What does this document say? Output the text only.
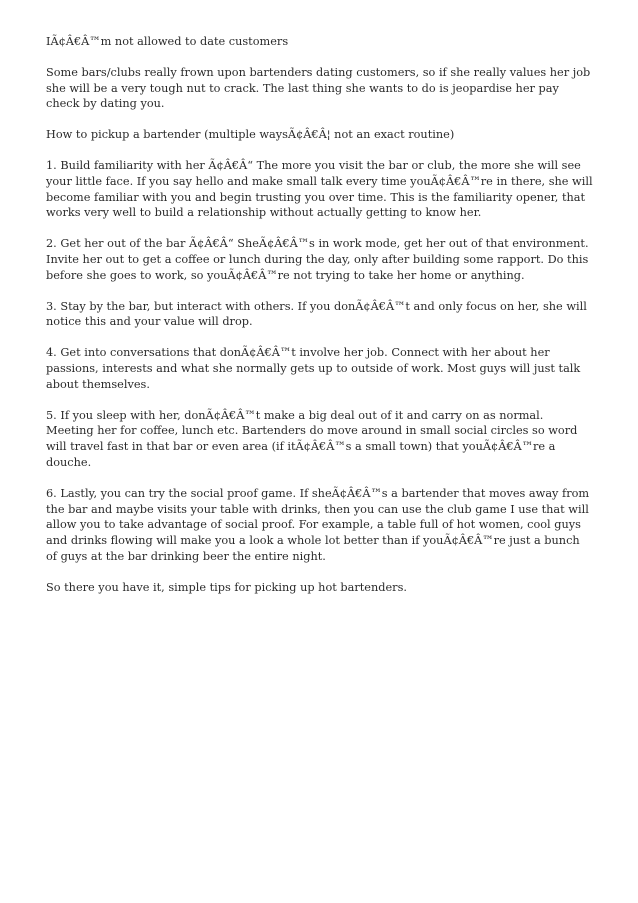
IÃ¢Â€Â™m not allowed to date customers

Some bars/clubs really frown upon bartenders dating customers, so if she really values her job she will be a very tough nut to crack. The last thing she wants to do is jeopardise her pay check by dating you.

How to pickup a bartender (multiple waysÃ¢Â€Â¦ not an exact routine)

1. Build familiarity with her Ã¢Â€Â“ The more you visit the bar or club, the more she will see your little face. If you say hello and make small talk every time youÃ¢Â€Â™re in there, she will become familiar with you and begin trusting you over time. This is the familiarity opener, that works very well to build a relationship without actually getting to know her.

2. Get her out of the bar Ã¢Â€Â“ SheÃ¢Â€Â™s in work mode, get her out of that environment. Invite her out to get a coffee or lunch during the day, only after building some rapport. Do this before she goes to work, so youÃ¢Â€Â™re not trying to take her home or anything.

3. Stay by the bar, but interact with others. If you donÃ¢Â€Â™t and only focus on her, she will notice this and your value will drop.

4. Get into conversations that donÃ¢Â€Â™t involve her job. Connect with her about her passions, interests and what she normally gets up to outside of work. Most guys will just talk about themselves.

5. If you sleep with her, donÃ¢Â€Â™t make a big deal out of it and carry on as normal. Meeting her for coffee, lunch etc. Bartenders do move around in small social circles so word will travel fast in that bar or even area (if itÃ¢Â€Â™s a small town) that youÃ¢Â€Â™re a douche.

6. Lastly, you can try the social proof game. If sheÃ¢Â€Â™s a bartender that moves away from the bar and maybe visits your table with drinks, then you can use the club game I use that will allow you to take advantage of social proof. For example, a table full of hot women, cool guys and drinks flowing will make you a look a whole lot better than if youÃ¢Â€Â™re just a bunch of guys at the bar drinking beer the entire night.

So there you have it, simple tips for picking up hot bartenders.
